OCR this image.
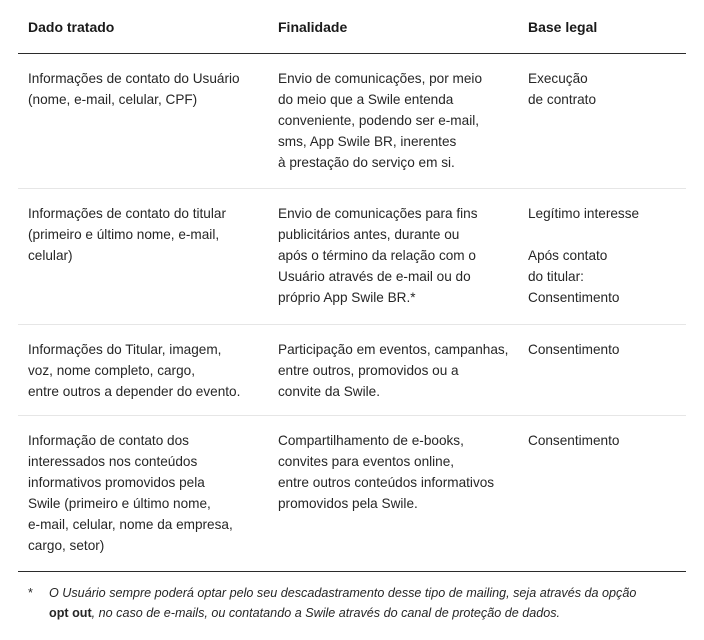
Dado tratado	Finalidade	Base legal
Informações de contato do Usuário
(nome, e-mail, celular, CPF)
Envio de comunicações, por meio
do meio que a Swile entenda
conveniente, podendo ser e-mail,
sms, App Swile BR, inerentes
à prestação do serviço em si.
Execução
de contrato
Informações de contato do titular
(primeiro e último nome, e-mail,
celular)
Envio de comunicações para fins
publicitários antes, durante ou
após o término da relação com o
Usuário através de e-mail ou do
próprio App Swile BR.*
Legítimo interesse
Após contato
do titular:
Consentimento
Informações do Titular, imagem,
voz, nome completo, cargo,
entre outros a depender do evento.
Participação em eventos, campanhas,
entre outros, promovidos ou a
convite da Swile.
Consentimento
Informação de contato dos
interessados nos conteúdos
informativos promovidos pela
Swile (primeiro e último nome,
e-mail, celular, nome da empresa,
cargo, setor)
Compartilhamento de e-books,
convites para eventos online,
entre outros conteúdos informativos
promovidos pela Swile.
Consentimento
* O Usuário sempre poderá optar pelo seu descadastramento desse tipo de mailing, seja através da opção
opt out, no caso de e-mails, ou contatando a Swile através do canal de proteção de dados.
